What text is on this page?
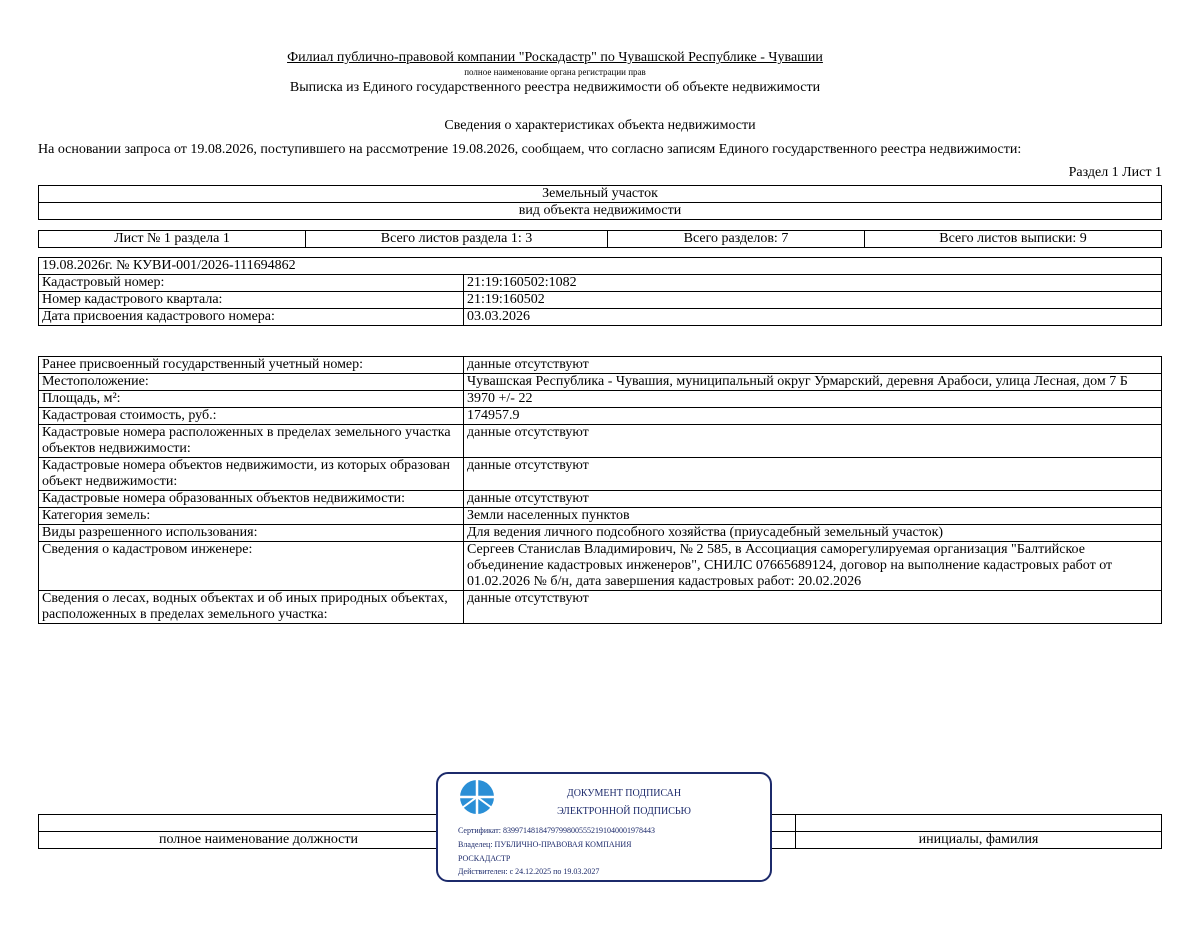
Филиал публично-правовой компании "Роскадастр" по Чувашской Республике - Чувашии
полное наименование органа регистрации прав
Выписка из Единого государственного реестра недвижимости об объекте недвижимости
Сведения о характеристиках объекта недвижимости
На основании запроса от 19.08.2026, поступившего на рассмотрение 19.08.2026, сообщаем, что согласно записям Единого государственного реестра недвижимости:
Раздел 1 Лист 1
Земельный участок
вид объекта недвижимости
Лист № 1 раздела 1	Всего листов раздела 1: 3	Всего разделов: 7	Всего листов выписки: 9
19.08.2026г. № КУВИ-001/2026-111694862	
Кадастровый номер:	21:19:160502:1082
Номер кадастрового квартала:	21:19:160502
Дата присвоения кадастрового номера:	03.03.2026
Ранее присвоенный государственный учетный номер:	данные отсутствуют
Местоположение:	Чувашская Республика - Чувашия, муниципальный округ Урмарский, деревня Арабоси, улица Лесная, дом 7 Б
Площадь, м²:	3970 +/- 22
Кадастровая стоимость, руб.:	174957.9
Кадастровые номера расположенных в пределах земельного участка объектов недвижимости:	данные отсутствуют
Кадастровые номера объектов недвижимости, из которых образован объект недвижимости:	данные отсутствуют
Кадастровые номера образованных объектов недвижимости:	данные отсутствуют
Категория земель:	Земли населенных пунктов
Виды разрешенного использования:	Для ведения личного подсобного хозяйства (приусадебный земельный участок)
Сведения о кадастровом инженере:	Сергеев Станислав Владимирович, № 2 585, в Ассоциация саморегулируемая организация "Балтийское объединение кадастровых инженеров", СНИЛС 07665689124, договор на выполнение кадастровых работ от 01.02.2026 № б/н, дата завершения кадастровых работ: 20.02.2026
Сведения о лесах, водных объектах и об иных природных объектах, расположенных в пределах земельного участка:	данные отсутствуют

полное наименование должности		инициалы, фамилия
ДОКУМЕНТ ПОДПИСАН
ЭЛЕКТРОННОЙ ПОДПИСЬЮ
Сертификат: 8399714818479799800555219104000197844З
Владелец: ПУБЛИЧНО-ПРАВОВАЯ КОМПАНИЯ
РОСКАДАСТР
Действителен: с 24.12.2025 по 19.03.2027
